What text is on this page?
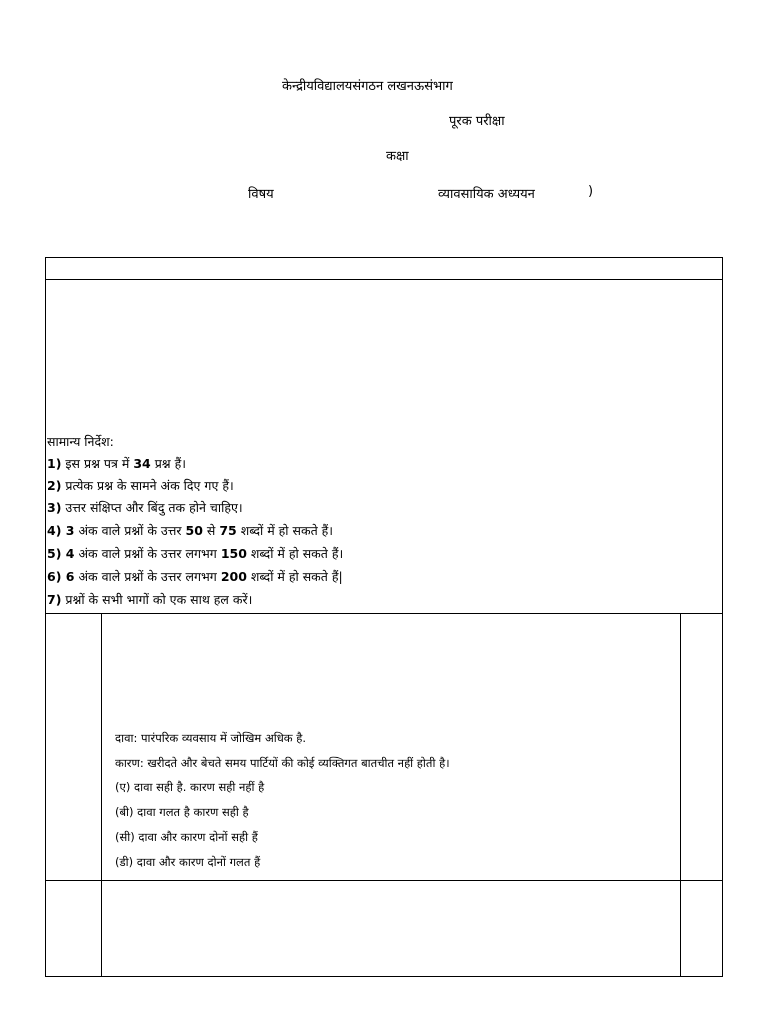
केन्द्रीयविद्यालयसंगठन लखनऊसंभाग
पूरक परीक्षा
कक्षा
विषय	व्यावसायिक अध्ययन	)
सामान्य निर्देश:
1) इस प्रश्न पत्र में 34 प्रश्न हैं।
2) प्रत्येक प्रश्न के सामने अंक दिए गए हैं।
3) उत्तर संक्षिप्त और बिंदु तक होने चाहिए।
4) 3 अंक वाले प्रश्नों के उत्तर 50 से 75 शब्दों में हो सकते हैं।
5) 4 अंक वाले प्रश्नों के उत्तर लगभग 150 शब्दों में हो सकते हैं।
6) 6 अंक वाले प्रश्नों के उत्तर लगभग 200 शब्दों में हो सकते हैं|
7) प्रश्नों के सभी भागों को एक साथ हल करें।
दावा: पारंपरिक व्यवसाय में जोखिम अधिक है.
कारण: खरीदते और बेचते समय पार्टियों की कोई व्यक्तिगत बातचीत नहीं होती है।
(ए) दावा सही है. कारण सही नहीं है
(बी) दावा गलत है कारण सही है
(सी) दावा और कारण दोनों सही हैं
(डी) दावा और कारण दोनों गलत हैं
